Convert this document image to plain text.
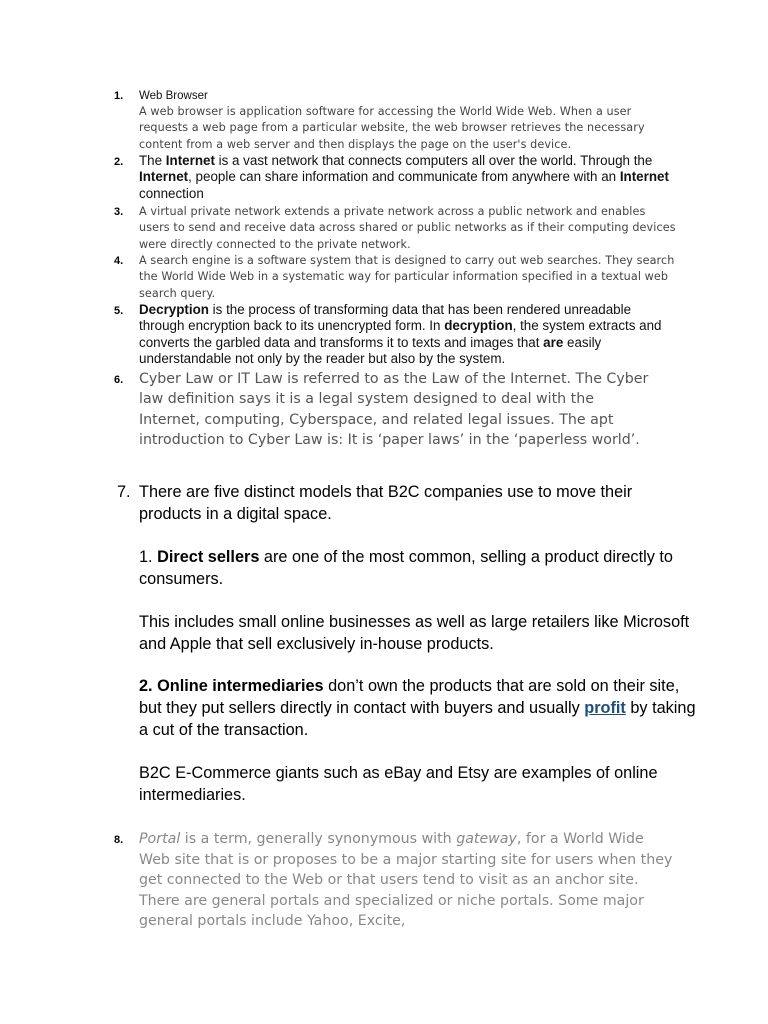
1. Web Browser
A web browser is application software for accessing the World Wide Web. When a user requests a web page from a particular website, the web browser retrieves the necessary content from a web server and then displays the page on the user's device.
2. The Internet is a vast network that connects computers all over the world. Through the Internet, people can share information and communicate from anywhere with an Internet connection
3. A virtual private network extends a private network across a public network and enables users to send and receive data across shared or public networks as if their computing devices were directly connected to the private network.
4. A search engine is a software system that is designed to carry out web searches. They search the World Wide Web in a systematic way for particular information specified in a textual web search query.
5. Decryption is the process of transforming data that has been rendered unreadable through encryption back to its unencrypted form. In decryption, the system extracts and converts the garbled data and transforms it to texts and images that are easily understandable not only by the reader but also by the system.
6. Cyber Law or IT Law is referred to as the Law of the Internet. The Cyber law definition says it is a legal system designed to deal with the Internet, computing, Cyberspace, and related legal issues. The apt introduction to Cyber Law is: It is ‘paper laws’ in the ‘paperless world’.
7. There are five distinct models that B2C companies use to move their products in a digital space.

1. Direct sellers are one of the most common, selling a product directly to consumers.

This includes small online businesses as well as large retailers like Microsoft and Apple that sell exclusively in-house products.

2. Online intermediaries don’t own the products that are sold on their site, but they put sellers directly in contact with buyers and usually profit by taking a cut of the transaction.

B2C E-Commerce giants such as eBay and Etsy are examples of online intermediaries.

8. Portal is a term, generally synonymous with gateway, for a World Wide Web site that is or proposes to be a major starting site for users when they get connected to the Web or that users tend to visit as an anchor site. There are general portals and specialized or niche portals. Some major general portals include Yahoo, Excite,
